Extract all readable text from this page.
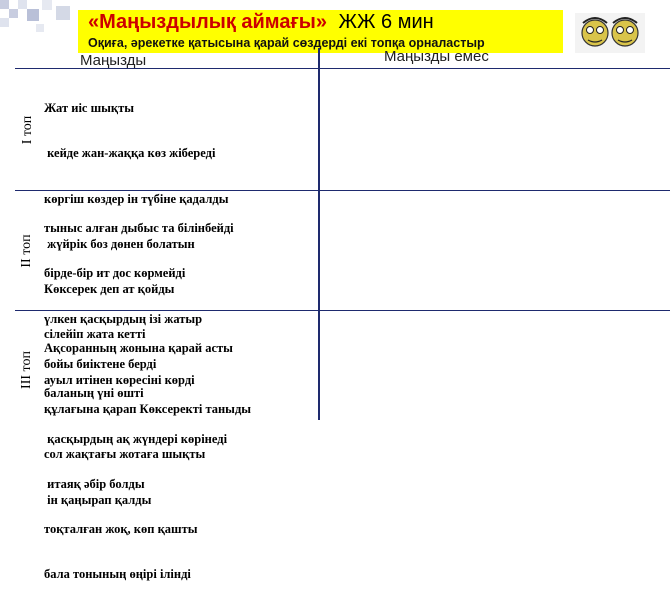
«Маңыздылық аймағы» ЖЖ 6 мин
Оқиға, әрекетке қатысына қарай сөздерді екі топқа орналастыр
Маңызды	Маңызды емес
I топ
II топ
III топ

Жат иіс шықты

кейде жан-жаққа көз жібереді

көргіш көздер ін түбіне қадалды

жүйрік боз дөнен болатын

Көксерек деп ат қойды

сілейіп жата кетті

ауыл итінен көресіні көрді

тыныс алған дыбыс та білінбейді

бірде-бір ит дос көрмейді

үлкен қасқырдың ізі жатыр

бойы биіктене берді

құлағына қарап Көксеректі таныды

сол жақтағы жотаға шықты

ін қаңырап қалды

Ақсоранның жонына қарай асты

баланың үні өшті

қасқырдың ақ жүндері көрінеді

итаяқ әбір болды

тоқталған жоқ, көп қашты

бала тонының өңірі ілінді
